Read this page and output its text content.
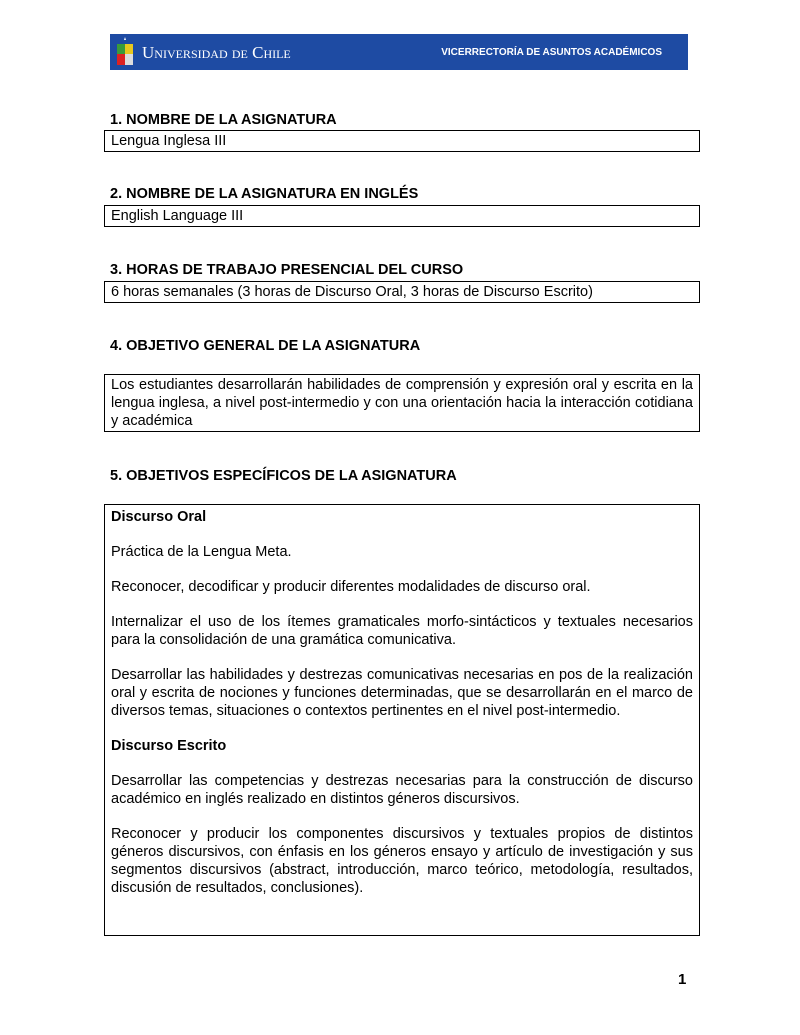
Universidad de Chile	VICERRECTORÍA DE ASUNTOS ACADÉMICOS
1. NOMBRE DE LA ASIGNATURA
Lengua Inglesa III
2. NOMBRE DE LA ASIGNATURA EN INGLÉS
English Language III
3. HORAS DE TRABAJO PRESENCIAL DEL CURSO
6 horas semanales (3 horas de Discurso Oral, 3 horas de Discurso Escrito)
4. OBJETIVO GENERAL DE LA ASIGNATURA
Los estudiantes desarrollarán habilidades de comprensión y expresión oral y escrita en la lengua inglesa, a nivel post-intermedio y con una orientación hacia la interacción cotidiana y académica
5. OBJETIVOS ESPECÍFICOS DE LA ASIGNATURA

Discurso Oral

Práctica de la Lengua Meta.

Reconocer, decodificar y producir diferentes modalidades de discurso oral.

Internalizar el uso de los ítemes gramaticales morfo-sintácticos y textuales necesarios para la consolidación de una gramática comunicativa.

Desarrollar las habilidades y destrezas comunicativas necesarias en pos de la realización oral y escrita de nociones y funciones determinadas, que se desarrollarán en el marco de diversos temas, situaciones o contextos pertinentes en el nivel post-intermedio.

Discurso Escrito

Desarrollar las competencias y destrezas necesarias para la construcción de discurso académico en inglés realizado en distintos géneros discursivos.

Reconocer y producir los componentes discursivos y textuales propios de distintos géneros discursivos, con énfasis en los géneros ensayo y artículo de investigación y sus segmentos discursivos (abstract, introducción, marco teórico, metodología, resultados, discusión de resultados, conclusiones).

1
